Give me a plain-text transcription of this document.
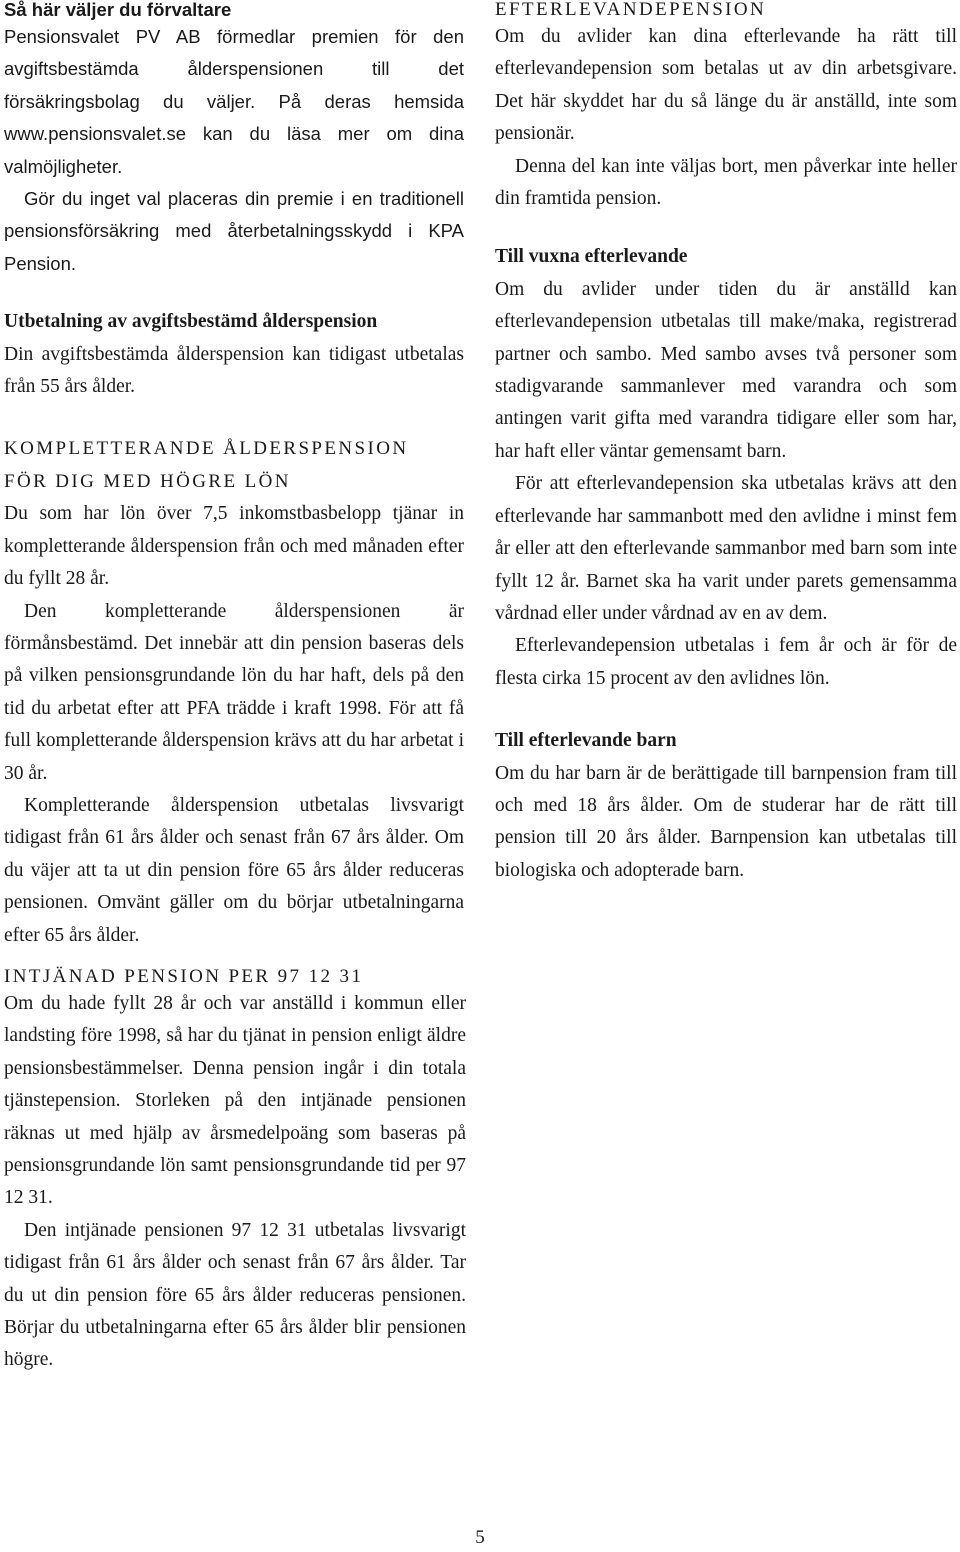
Så här väljer du förvaltare

Pensionsvalet PV AB förmedlar premien för den avgiftsbestämda ålderspensionen till det försäkringsbolag du väljer. På deras hemsida www.pensionsvalet.se kan du läsa mer om dina valmöjligheter.

Gör du inget val placeras din premie i en traditionell pensionsförsäkring med återbetalningsskydd i KPA Pension.

Utbetalning av avgiftsbestämd ålderspension

Din avgiftsbestämda ålderspension kan tidigast utbetalas från 55 års ålder.

KOMPLETTERANDE ÅLDERSPENSION
FÖR DIG MED HÖGRE LÖN

Du som har lön över 7,5 inkomstbasbelopp tjänar in kompletterande ålderspension från och med månaden efter du fyllt 28 år.

Den kompletterande ålderspensionen är förmånsbestämd. Det innebär att din pension baseras dels på vilken pensionsgrundande lön du har haft, dels på den tid du arbetat efter att PFA trädde i kraft 1998. För att få full kompletterande ålderspension krävs att du har arbetat i 30 år.

Kompletterande ålderspension utbetalas livsvarigt tidigast från 61 års ålder och senast från 67 års ålder. Om du väjer att ta ut din pension före 65 års ålder reduceras pensionen. Omvänt gäller om du börjar utbetalningarna efter 65 års ålder.

EFTERLEVANDEPENSION

Om du avlider kan dina efterlevande ha rätt till efterlevandepension som betalas ut av din arbetsgivare. Det här skyddet har du så länge du är anställd, inte som pensionär.

Denna del kan inte väljas bort, men påverkar inte heller din framtida pension.

Till vuxna efterlevande

Om du avlider under tiden du är anställd kan efterlevandepension utbetalas till make/maka, registrerad partner och sambo. Med sambo avses två personer som stadigvarande sammanlever med varandra och som antingen varit gifta med varandra tidigare eller som har, har haft eller väntar gemensamt barn.

För att efterlevandepension ska utbetalas krävs att den efterlevande har sammanbott med den avlidne i minst fem år eller att den efterlevande sammanbor med barn som inte fyllt 12 år. Barnet ska ha varit under parets gemensamma vårdnad eller under vårdnad av en av dem.

Efterlevandepension utbetalas i fem år och är för de flesta cirka 15 procent av den avlidnes lön.

Till efterlevande barn

Om du har barn är de berättigade till barnpension fram till och med 18 års ålder. Om de studerar har de rätt till pension till 20 års ålder. Barnpension kan utbetalas till biologiska och adopterade barn.

INTJÄNAD PENSION PER 97 12 31

Om du hade fyllt 28 år och var anställd i kommun eller landsting före 1998, så har du tjänat in pension enligt äldre pensionsbestämmelser. Denna pension ingår i din totala tjänstepension. Storleken på den intjänade pensionen räknas ut med hjälp av årsmedelpoäng som baseras på pensionsgrundande lön samt pensionsgrundande tid per 97 12 31.

Den intjänade pensionen 97 12 31 utbetalas livsvarigt tidigast från 61 års ålder och senast från 67 års ålder. Tar du ut din pension före 65 års ålder reduceras pensionen. Börjar du utbetalningarna efter 65 års ålder blir pensionen högre.

5
